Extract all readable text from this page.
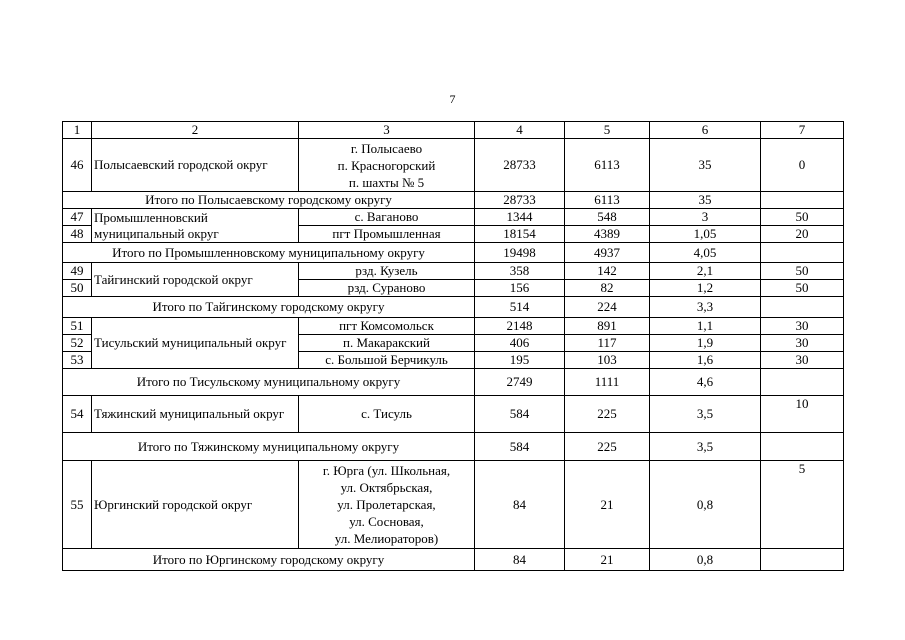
7
1	2	3	4	5	6	7
46	Полысаевский городской округ	г. Полысаево
п. Красногорский
п. шахты № 5	28733	6113	35	0
Итого по Полысаевскому городскому округу			28733	6113	35	
47	Промышленновский муниципальный округ	с. Ваганово	1344	548	3	50
48		пгт Промышленная	18154	4389	1,05	20
Итого по Промышленновскому муниципальному округу			19498	4937	4,05	
49	Тайгинский городской округ	рзд. Кузель	358	142	2,1	50
50		рзд. Сураново	156	82	1,2	50
Итого по Тайгинскому городскому округу			514	224	3,3	
51	Тисульский муниципальный округ	пгт Комсомольск	2148	891	1,1	30
52		п. Макаракский	406	117	1,9	30
53		с. Большой Берчикуль	195	103	1,6	30
Итого по Тисульскому муниципальному округу			2749	1111	4,6	
54	Тяжинский муниципальный округ	с. Тисуль	584	225	3,5	10
Итого по Тяжинскому муниципальному округу			584	225	3,5	
55	Юргинский городской округ	г. Юрга (ул. Школьная,
ул. Октябрьская,
ул. Пролетарская,
ул. Сосновая,
ул. Мелиораторов)	84	21	0,8	5
Итого по Юргинскому городскому округу			84	21	0,8	
